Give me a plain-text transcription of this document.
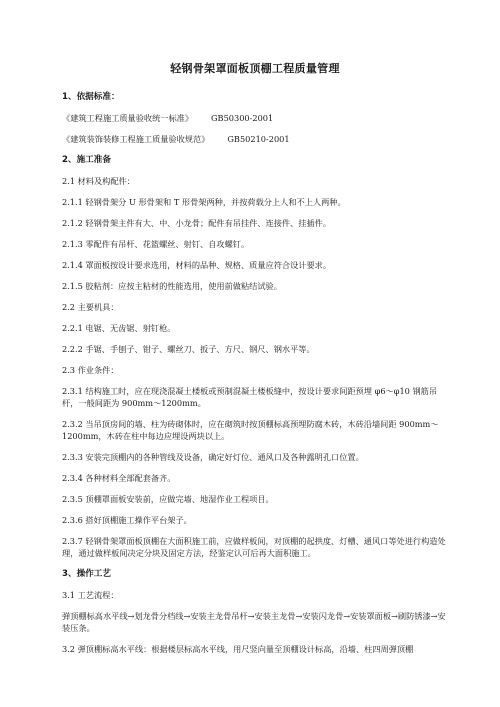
轻钢骨架罩面板顶棚工程质量管理
1、依据标准：
《建筑工程施工质量验收统一标准》 GB50300-2001
《建筑装饰装修工程施工质量验收规范》 GB50210-2001
2、施工准备
2.1 材料及构配件：
2.1.1 轻钢骨架分 U 形骨架和 T 形骨架两种，并按荷载分上人和不上人两种。
2.1.2 轻钢骨架主件有大、中、小龙骨；配件有吊挂件、连接件、挂插件。
2.1.3 零配件有吊杆、花篮螺丝、射钉、自攻螺钉。
2.1.4 罩面板按设计要求选用，材料的品种、规格、质量应符合设计要求。
2.1.5 胶粘剂：应按主粘材的性能选用，使用前做粘结试验。
2.2 主要机具：
2.2.1 电锯、无齿锯、射钉枪。
2.2.2 手锯、手刨子、钳子、螺丝刀、扳子、方尺、钢尺、钢水平等。
2.3 作业条件：
2.3.1 结构施工时，应在现浇混凝土楼板或预制混凝土楼板缝中，按设计要求间距预埋 φ6～φ10 钢筋吊杆，一般间距为 900mm～1200mm。
2.3.2 当吊顶房间的墙、柱为砖砌体时，应在砌筑时按顶棚标高预埋防腐木砖，木砖沿墙间距 900mm～1200mm，木砖在柱中每边应埋设两块以上。
2.3.3 安装完顶棚内的各种管线及设备，确定好灯位、通风口及各种露明孔口位置。
2.3.4 各种材料全部配套备齐。
2.3.5 顶棚罩面板安装前，应做完墙、地湿作业工程项目。
2.3.6 搭好顶棚施工操作平台架子。
2.3.7 轻钢骨架罩面板顶棚在大面积施工前，应做样板间，对顶棚的起拱度、灯槽、通风口等处进行构造处理，通过做样板间决定分块及固定方法，经鉴定认可后再大面积施工。
3、操作工艺
3.1 工艺流程：
弹顶棚标高水平线→划龙骨分档线→安装主龙骨吊杆→安装主龙骨→安装闪龙骨→安装罩面板→刷防锈漆→安装压条。
3.2 弹顶棚标高水平线：根据楼层标高水平线，用尺竖向量至顶棚设计标高，沿墙、柱四周弹顶棚
